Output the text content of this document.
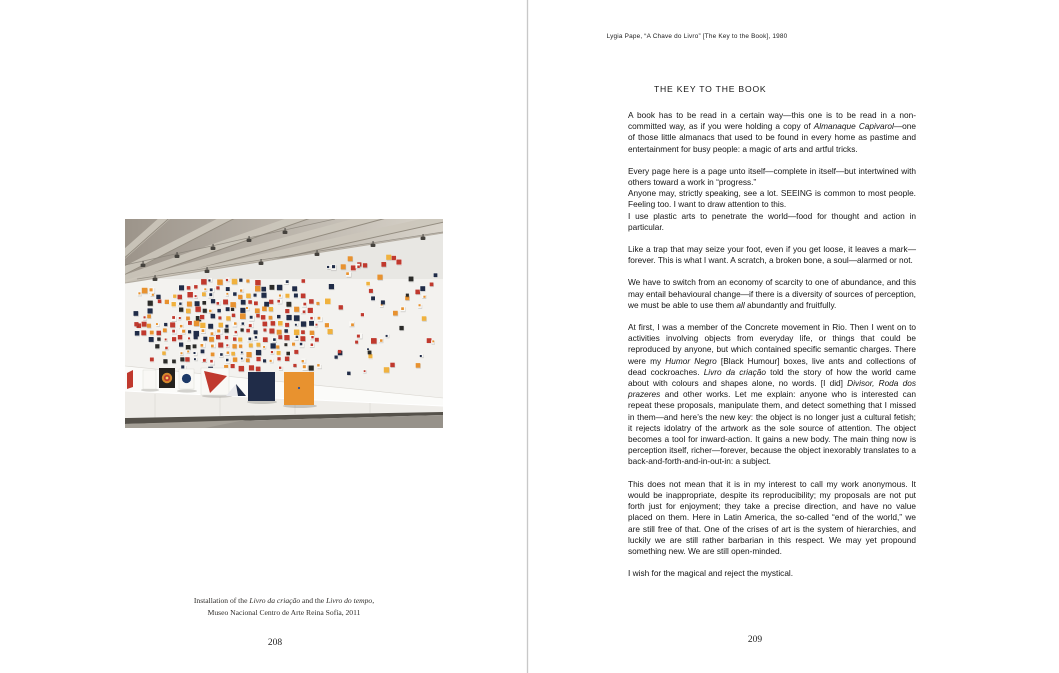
Installation of the Livro da criação and the Livro do tempo,
Museo Nacional Centro de Arte Reina Sofía, 2011
208
Lygia Pape, “A Chave do Livro” [The Key to the Book], 1980
THE KEY TO THE BOOK

A book has to be read in a certain way—this one is to be read in a non-committed way, as if you were holding a copy of Almanaque Capivarol—one of those little almanacs that used to be found in every home as pastime and entertainment for busy people: a magic of arts and artful tricks.

Every page here is a page unto itself—complete in itself—but intertwined with others toward a work in “progress.”

Anyone may, strictly speaking, see a lot. SEEING is common to most people. Feeling too. I want to draw attention to this.

I use plastic arts to penetrate the world—food for thought and action in particular.

Like a trap that may seize your foot, even if you get loose, it leaves a mark—forever. This is what I want. A scratch, a broken bone, a soul—alarmed or not.

We have to switch from an economy of scarcity to one of abundance, and this may entail behavioural change—if there is a diversity of sources of perception, we must be able to use them all abundantly and fruitfully.

At first, I was a member of the Concrete movement in Rio. Then I went on to activities involving objects from everyday life, or things that could be reproduced by anyone, but which contained specific semantic charges. There were my Humor Negro [Black Humour] boxes, live ants and collections of dead cockroaches. Livro da criação told the story of how the world came about with colours and shapes alone, no words. [I did] Divisor, Roda dos prazeres and other works. Let me explain: anyone who is interested can repeat these proposals, manipulate them, and detect something that I missed in them—and here’s the new key: the object is no longer just a cultural fetish; it rejects idolatry of the artwork as the sole source of attention. The object becomes a tool for inward-action. It gains a new body. The main thing now is perception itself, richer—forever, because the object inexorably translates to a back-and-forth-and-in-out-in: a subject.

This does not mean that it is in my interest to call my work anonymous. It would be inappropriate, despite its reproducibility; my proposals are not put forth just for enjoyment; they take a precise direction, and have no value placed on them. Here in Latin America, the so-called “end of the world,” we are still free of that. One of the crises of art is the system of hierarchies, and luckily we are still rather barbarian in this respect. We may yet propound something new. We are still open-minded.

I wish for the magical and reject the mystical.

209
